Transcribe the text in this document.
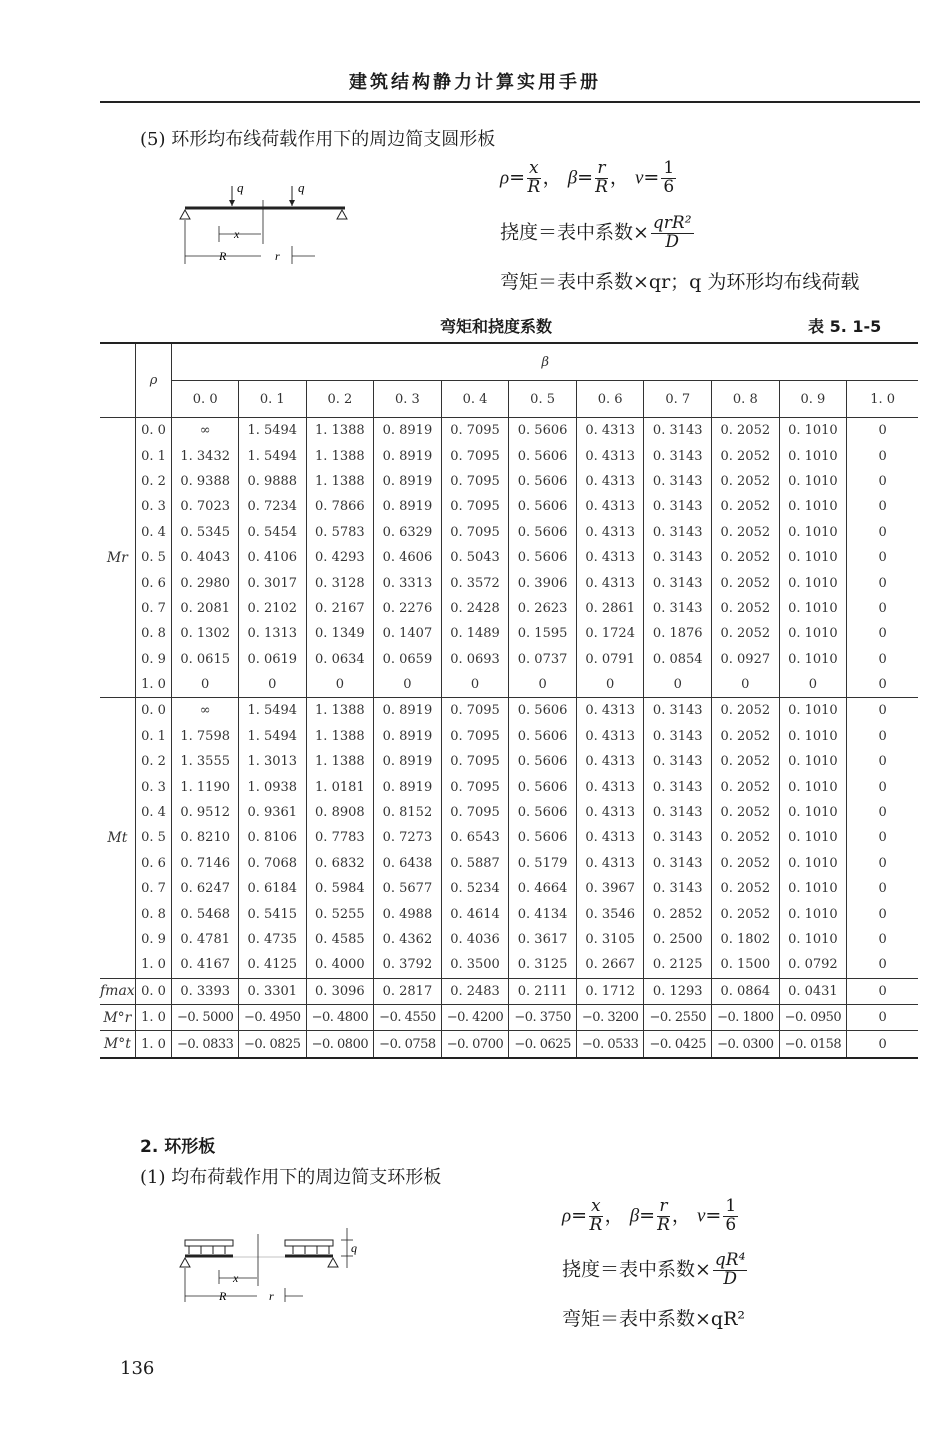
建筑结构静力计算实用手册
(5) 环形均布线荷载作用下的周边简支圆形板
q	q
x
R	r
$\rho= \frac{x}{R}$ ， $\beta= \frac{r}{R}$ ， $\nu= \frac{1}{6}$
挠度＝表中系数× $\frac{\text{qrR²}}{D}$
弯矩＝表中系数×qr；q 为环形均布线荷载
弯矩和挠度系数	表 5. 1-5
	ρ	β										
		0. 0	0. 1	0. 2	0. 3	0. 4	0. 5	0. 6	0. 7	0. 8	0. 9	1. 0
Mr	0. 0	∞	1. 5494	1. 1388	0. 8919	0. 7095	0. 5606	0. 4313	0. 3143	0. 2052	0. 1010	0
	0. 1	1. 3432	1. 5494	1. 1388	0. 8919	0. 7095	0. 5606	0. 4313	0. 3143	0. 2052	0. 1010	0
	0. 2	0. 9388	0. 9888	1. 1388	0. 8919	0. 7095	0. 5606	0. 4313	0. 3143	0. 2052	0. 1010	0
	0. 3	0. 7023	0. 7234	0. 7866	0. 8919	0. 7095	0. 5606	0. 4313	0. 3143	0. 2052	0. 1010	0
	0. 4	0. 5345	0. 5454	0. 5783	0. 6329	0. 7095	0. 5606	0. 4313	0. 3143	0. 2052	0. 1010	0
	0. 5	0. 4043	0. 4106	0. 4293	0. 4606	0. 5043	0. 5606	0. 4313	0. 3143	0. 2052	0. 1010	0
	0. 6	0. 2980	0. 3017	0. 3128	0. 3313	0. 3572	0. 3906	0. 4313	0. 3143	0. 2052	0. 1010	0
	0. 7	0. 2081	0. 2102	0. 2167	0. 2276	0. 2428	0. 2623	0. 2861	0. 3143	0. 2052	0. 1010	0
	0. 8	0. 1302	0. 1313	0. 1349	0. 1407	0. 1489	0. 1595	0. 1724	0. 1876	0. 2052	0. 1010	0
	0. 9	0. 0615	0. 0619	0. 0634	0. 0659	0. 0693	0. 0737	0. 0791	0. 0854	0. 0927	0. 1010	0
	1. 0	0	0	0	0	0	0	0	0	0	0	0
Mt	0. 0	∞	1. 5494	1. 1388	0. 8919	0. 7095	0. 5606	0. 4313	0. 3143	0. 2052	0. 1010	0
	0. 1	1. 7598	1. 5494	1. 1388	0. 8919	0. 7095	0. 5606	0. 4313	0. 3143	0. 2052	0. 1010	0
	0. 2	1. 3555	1. 3013	1. 1388	0. 8919	0. 7095	0. 5606	0. 4313	0. 3143	0. 2052	0. 1010	0
	0. 3	1. 1190	1. 0938	1. 0181	0. 8919	0. 7095	0. 5606	0. 4313	0. 3143	0. 2052	0. 1010	0
	0. 4	0. 9512	0. 9361	0. 8908	0. 8152	0. 7095	0. 5606	0. 4313	0. 3143	0. 2052	0. 1010	0
	0. 5	0. 8210	0. 8106	0. 7783	0. 7273	0. 6543	0. 5606	0. 4313	0. 3143	0. 2052	0. 1010	0
	0. 6	0. 7146	0. 7068	0. 6832	0. 6438	0. 5887	0. 5179	0. 4313	0. 3143	0. 2052	0. 1010	0
	0. 7	0. 6247	0. 6184	0. 5984	0. 5677	0. 5234	0. 4664	0. 3967	0. 3143	0. 2052	0. 1010	0
	0. 8	0. 5468	0. 5415	0. 5255	0. 4988	0. 4614	0. 4134	0. 3546	0. 2852	0. 2052	0. 1010	0
	0. 9	0. 4781	0. 4735	0. 4585	0. 4362	0. 4036	0. 3617	0. 3105	0. 2500	0. 1802	0. 1010	0
	1. 0	0. 4167	0. 4125	0. 4000	0. 3792	0. 3500	0. 3125	0. 2667	0. 2125	0. 1500	0. 0792	0
fmax	0. 0	0. 3393	0. 3301	0. 3096	0. 2817	0. 2483	0. 2111	0. 1712	0. 1293	0. 0864	0. 0431	0
M°r	1. 0	−0. 5000	−0. 4950	−0. 4800	−0. 4550	−0. 4200	−0. 3750	−0. 3200	−0. 2550	−0. 1800	−0. 0950	0
M°t	1. 0	−0. 0833	−0. 0825	−0. 0800	−0. 0758	−0. 0700	−0. 0625	−0. 0533	−0. 0425	−0. 0300	−0. 0158	0
2. 环形板
(1) 均布荷载作用下的周边简支环形板
q
x
R	r
$\rho= \frac{x}{R}$ ， $\beta= \frac{r}{R}$ ， $\nu= \frac{1}{6}$
挠度＝表中系数× $\frac{\text{qR⁴}}{D}$
弯矩＝表中系数×qR²
136
